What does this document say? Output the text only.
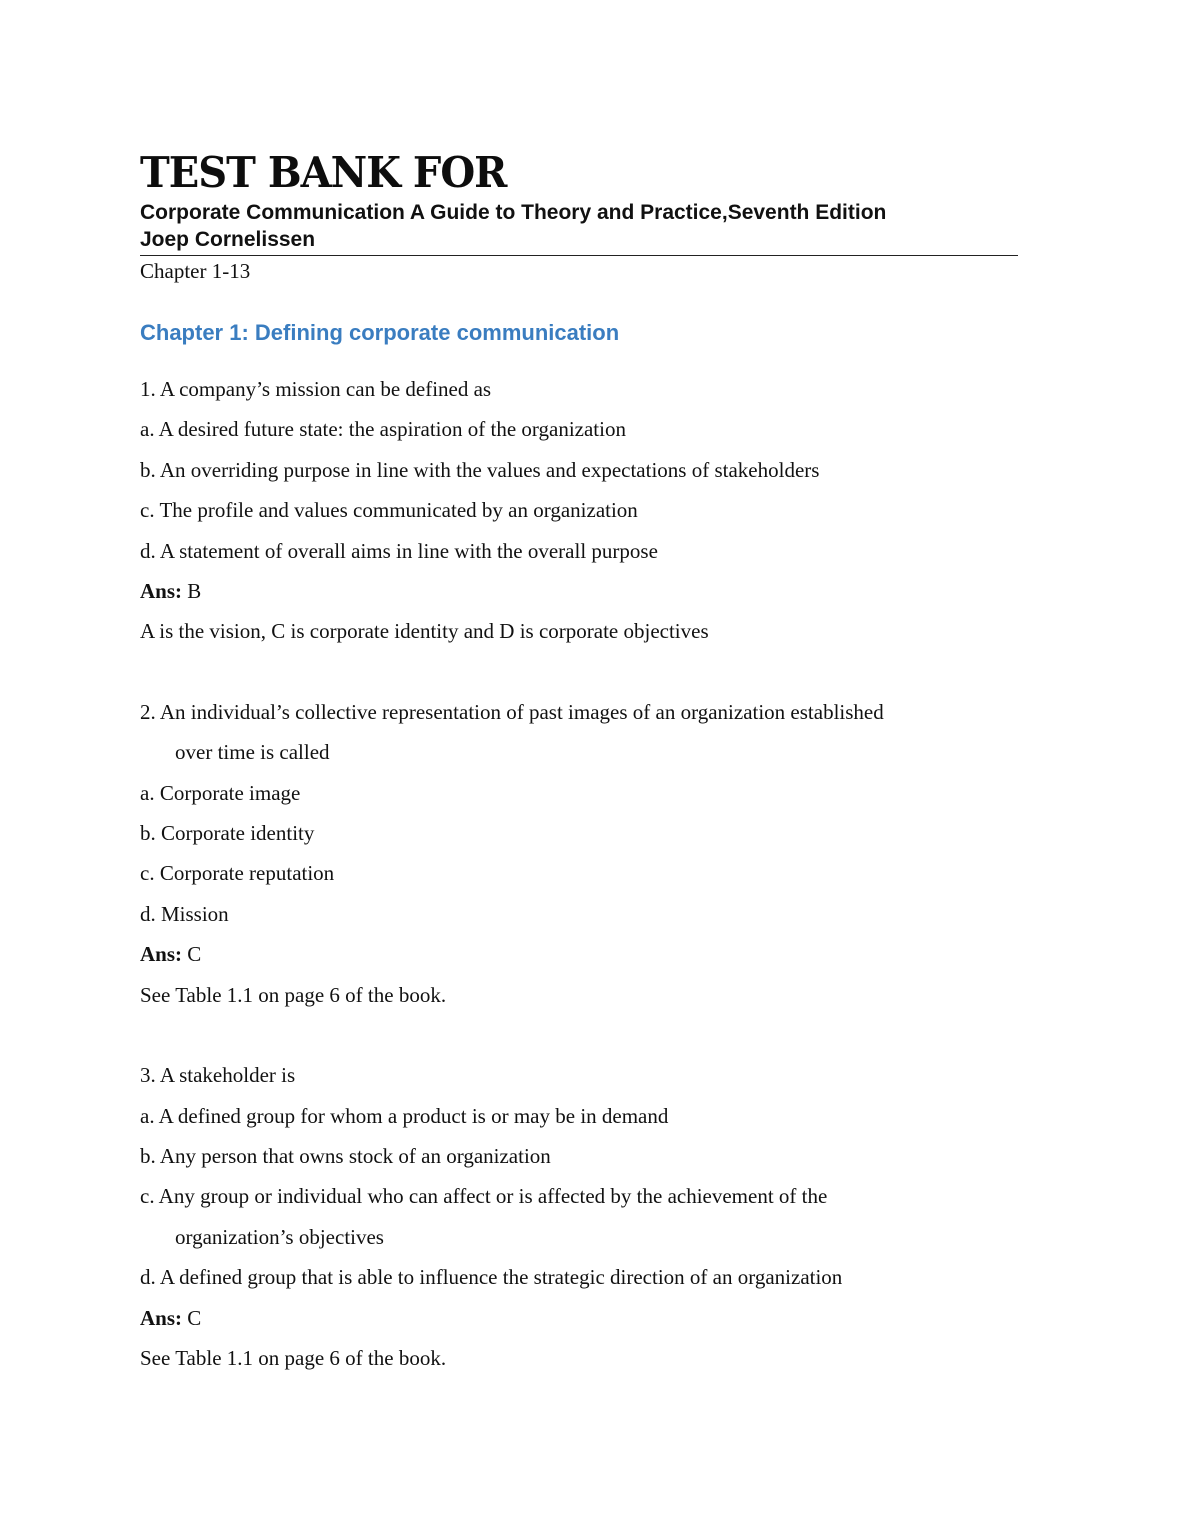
TEST BANK FOR
Corporate Communication A Guide to Theory and Practice,Seventh Edition
Joep Cornelissen
Chapter 1-13
Chapter 1: Defining corporate communication
1. A company’s mission can be defined as
a. A desired future state: the aspiration of the organization
b. An overriding purpose in line with the values and expectations of stakeholders
c. The profile and values communicated by an organization
d. A statement of overall aims in line with the overall purpose
Ans: B
A is the vision, C is corporate identity and D is corporate objectives
2. An individual’s collective representation of past images of an organization established
over time is called
a. Corporate image
b. Corporate identity
c. Corporate reputation
d. Mission
Ans: C
See Table 1.1 on page 6 of the book.
3. A stakeholder is
a. A defined group for whom a product is or may be in demand
b. Any person that owns stock of an organization
c. Any group or individual who can affect or is affected by the achievement of the
organization’s objectives
d. A defined group that is able to influence the strategic direction of an organization
Ans: C
See Table 1.1 on page 6 of the book.
